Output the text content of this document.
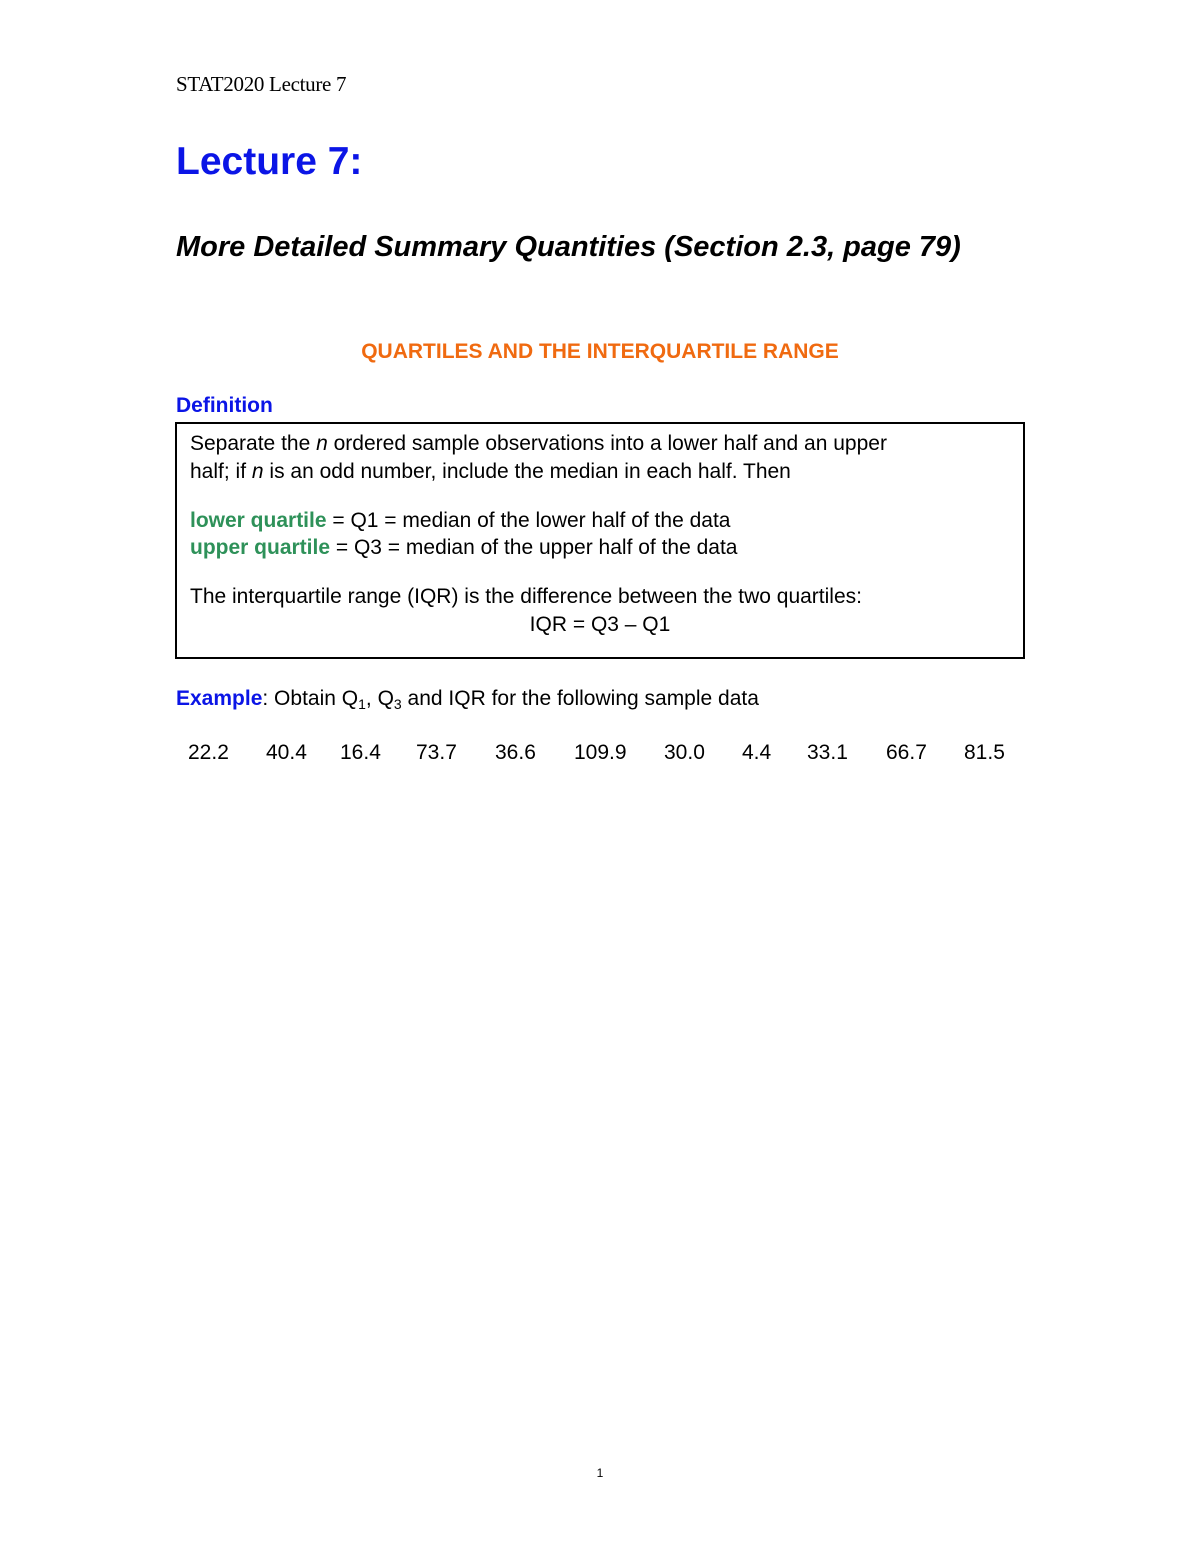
STAT2020 Lecture 7
Lecture 7:
More Detailed Summary Quantities (Section 2.3, page 79)
QUARTILES AND THE INTERQUARTILE RANGE
Definition
Separate the n ordered sample observations into a lower half and an upper
half; if n is an odd number, include the median in each half. Then
lower quartile = Q1 = median of the lower half of the data
upper quartile = Q3 = median of the upper half of the data
The interquartile range (IQR) is the difference between the two quartiles:
IQR = Q3 – Q1
Example: Obtain $Q_1$, $Q_3$ and IQR for the following sample data
22.2 40.4 16.4 73.7 36.6 109.9 30.0 4.4 33.1 66.7 81.5
1
